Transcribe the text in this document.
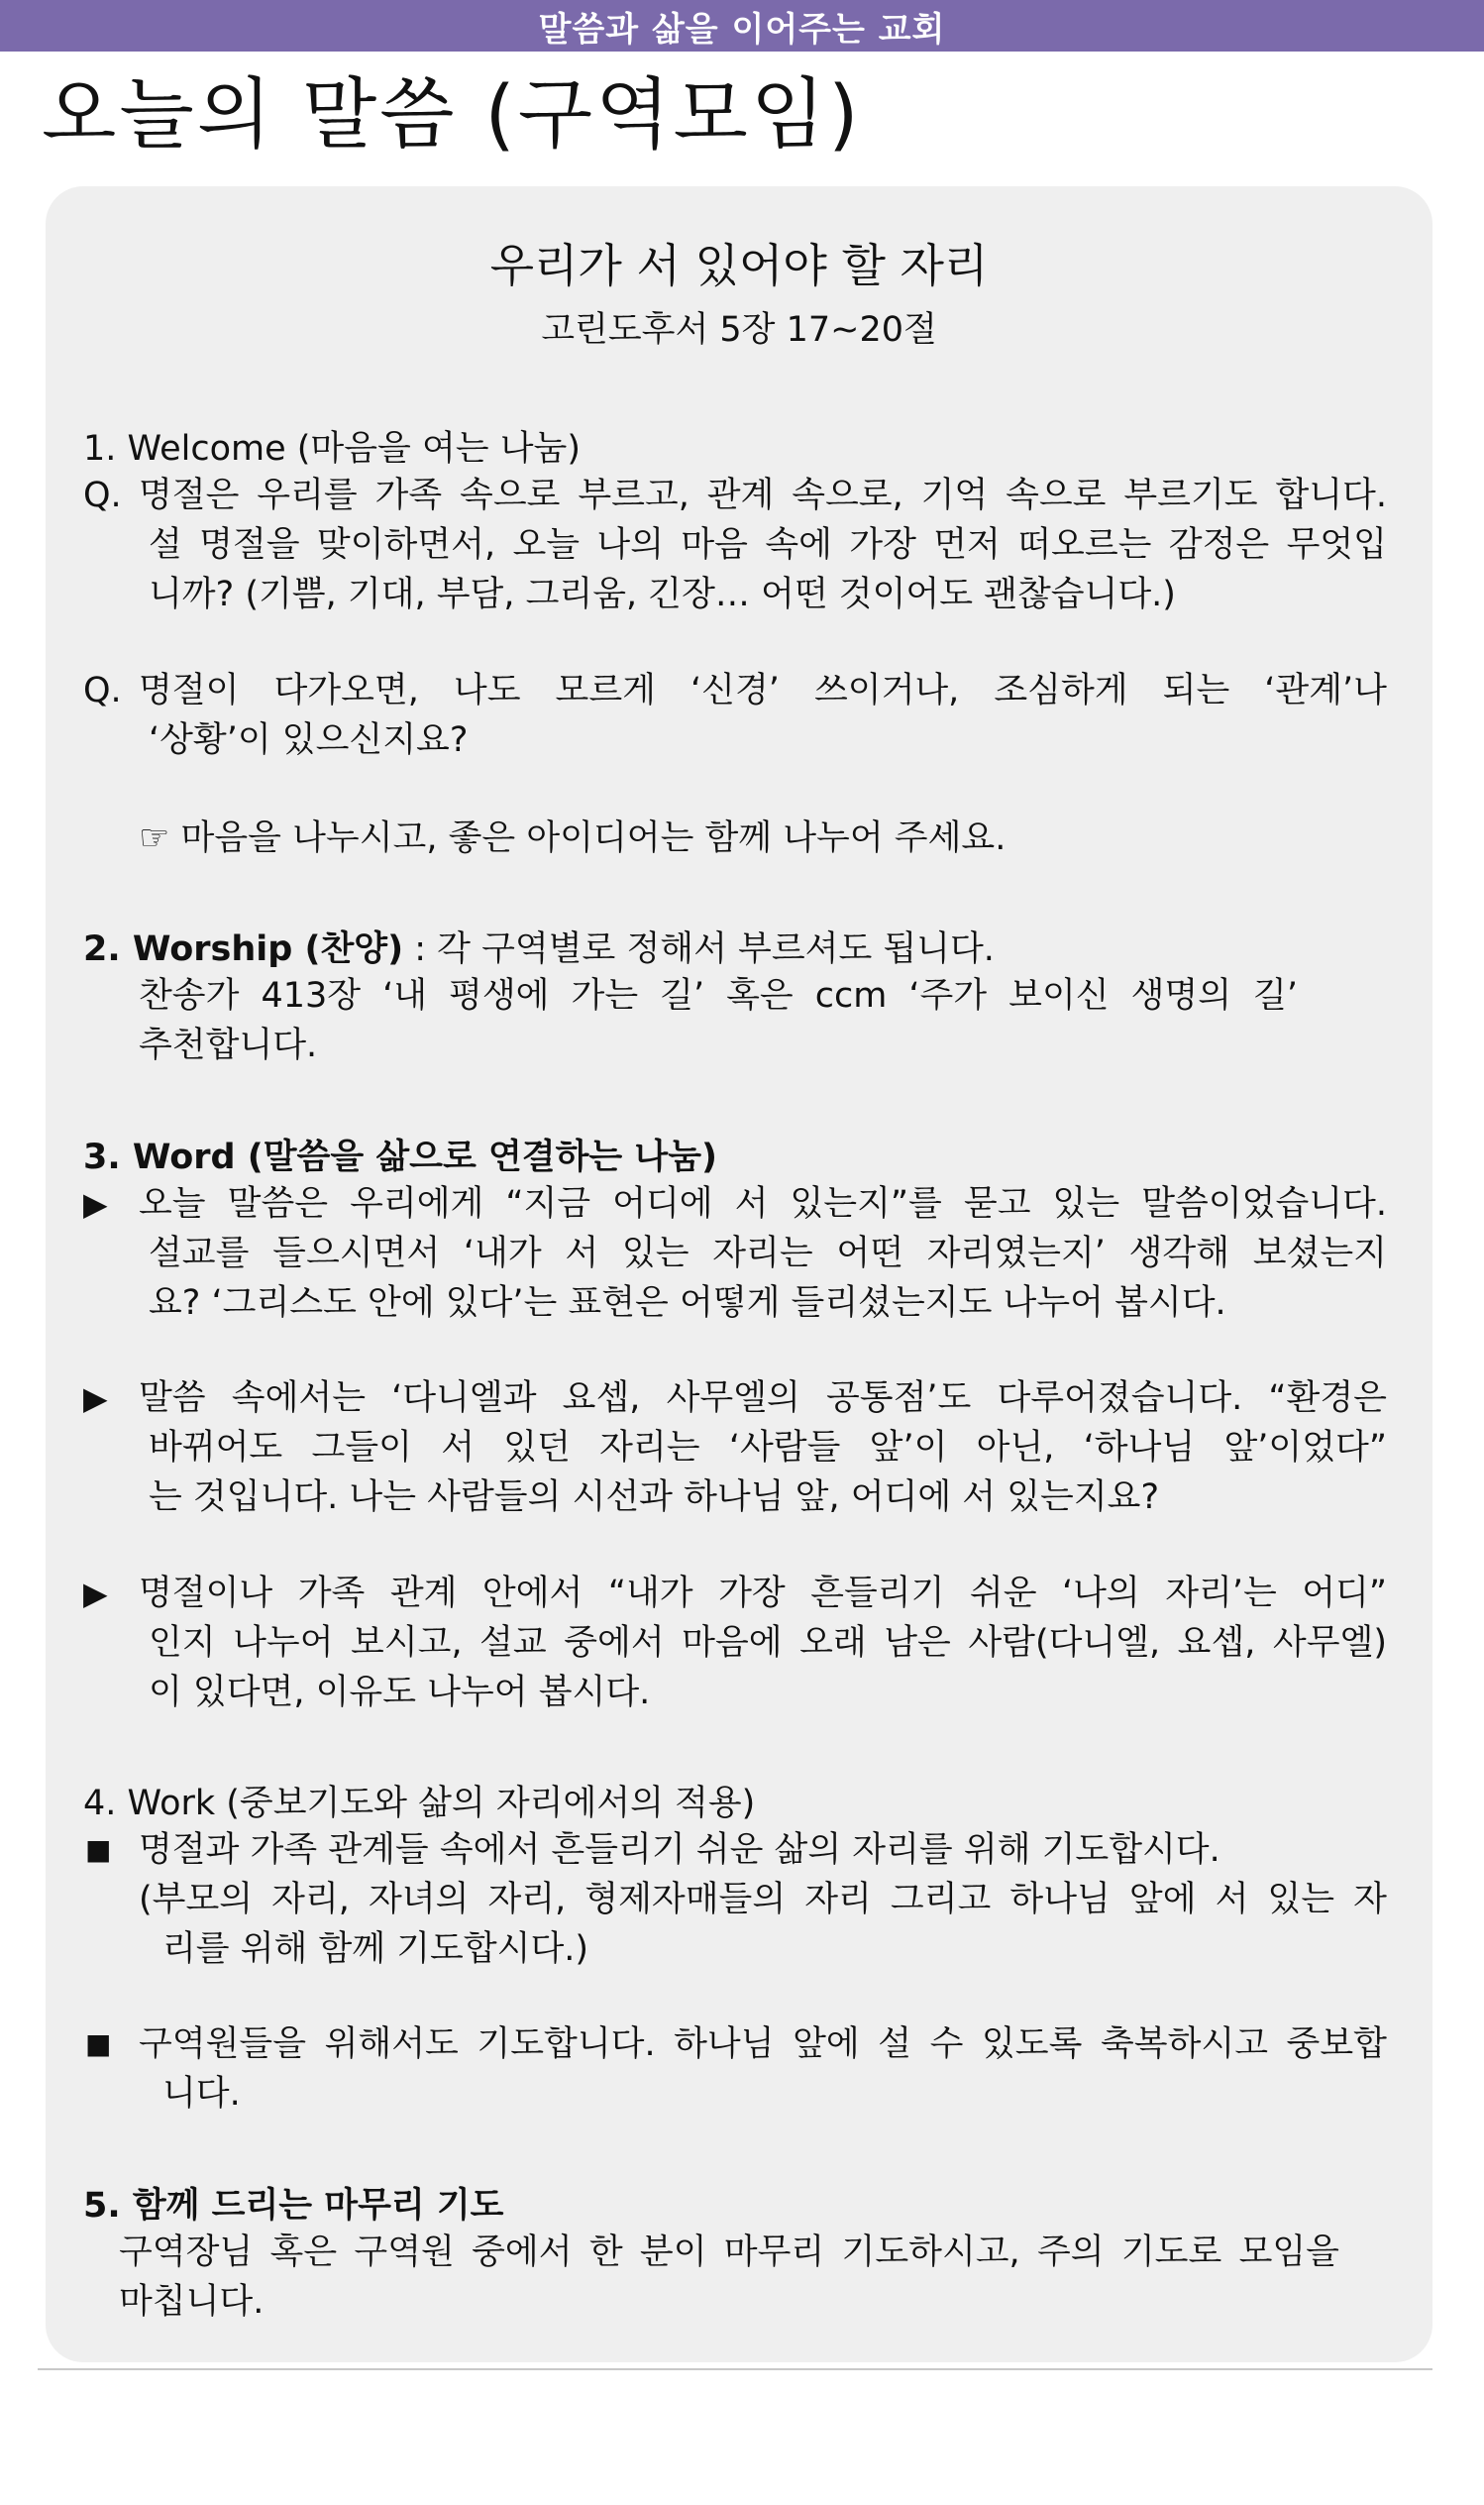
말씀과 삶을 이어주는 교회
오늘의 말씀 (구역모임)
우리가 서 있어야 할 자리
고린도후서 5장 17~20절
1. Welcome (마음을 여는 나눔)
Q. 명절은 우리를 가족 속으로 부르고, 관계 속으로, 기억 속으로 부르기도 합니다.
설 명절을 맞이하면서, 오늘 나의 마음 속에 가장 먼저 떠오르는 감정은 무엇입
니까? (기쁨, 기대, 부담, 그리움, 긴장… 어떤 것이어도 괜찮습니다.)
Q. 명절이 다가오면, 나도 모르게 ‘신경’ 쓰이거나, 조심하게 되는 ‘관계’나
‘상황’이 있으신지요?
☞ 마음을 나누시고, 좋은 아이디어는 함께 나누어 주세요.
2. Worship (찬양) : 각 구역별로 정해서 부르셔도 됩니다.
찬송가 413장 ‘내 평생에 가는 길’ 혹은 ccm ‘주가 보이신 생명의 길’
추천합니다.
3. Word (말씀을 삶으로 연결하는 나눔)
▶ 오늘 말씀은 우리에게 “지금 어디에 서 있는지”를 묻고 있는 말씀이었습니다.
설교를 들으시면서 ‘내가 서 있는 자리는 어떤 자리였는지’ 생각해 보셨는지
요? ‘그리스도 안에 있다’는 표현은 어떻게 들리셨는지도 나누어 봅시다.
▶ 말씀 속에서는 ‘다니엘과 요셉, 사무엘의 공통점’도 다루어졌습니다. “환경은
바뀌어도 그들이 서 있던 자리는 ‘사람들 앞’이 아닌, ‘하나님 앞’이었다”
는 것입니다. 나는 사람들의 시선과 하나님 앞, 어디에 서 있는지요?
▶ 명절이나 가족 관계 안에서 “내가 가장 흔들리기 쉬운 ‘나의 자리’는 어디”
인지 나누어 보시고, 설교 중에서 마음에 오래 남은 사람(다니엘, 요셉, 사무엘)
이 있다면, 이유도 나누어 봅시다.
4. Work (중보기도와 삶의 자리에서의 적용)
■ 명절과 가족 관계들 속에서 흔들리기 쉬운 삶의 자리를 위해 기도합시다.
(부모의 자리, 자녀의 자리, 형제자매들의 자리 그리고 하나님 앞에 서 있는 자
리를 위해 함께 기도합시다.)
■ 구역원들을 위해서도 기도합니다. 하나님 앞에 설 수 있도록 축복하시고 중보합
니다.
5. 함께 드리는 마무리 기도
구역장님 혹은 구역원 중에서 한 분이 마무리 기도하시고, 주의 기도로 모임을
마칩니다.
